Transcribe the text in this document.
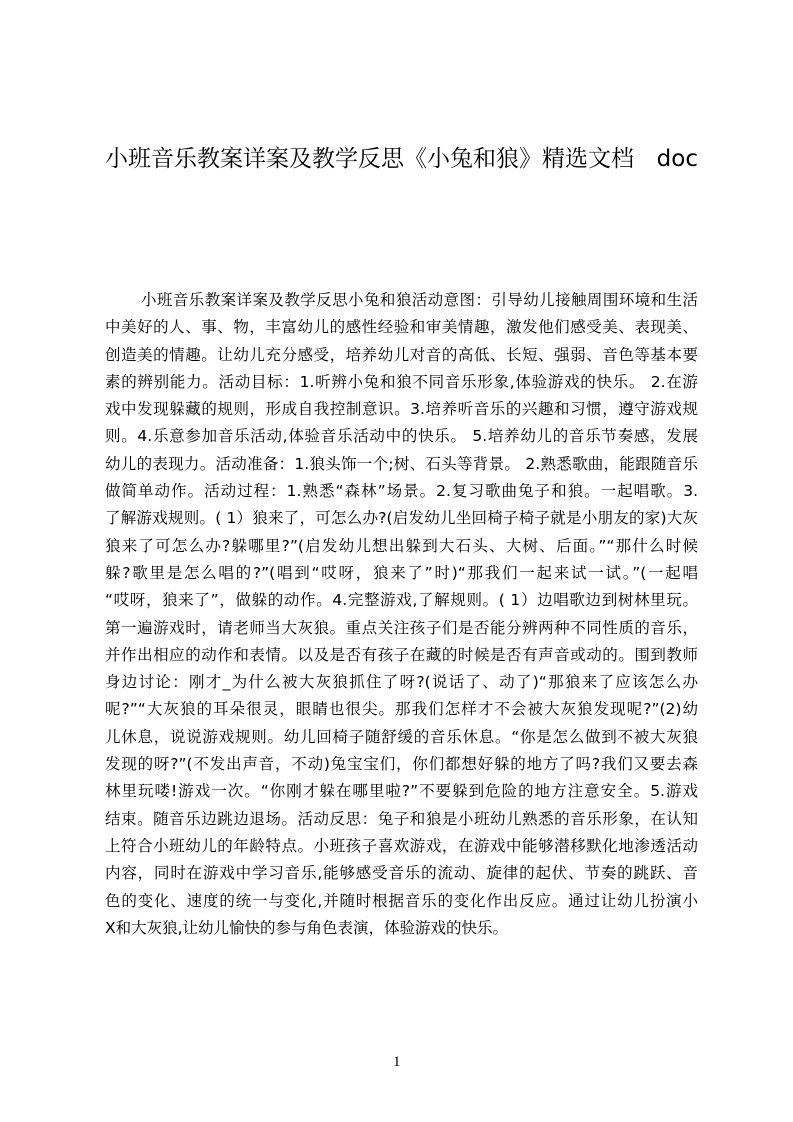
小班音乐教案详案及教学反思《小兔和狼》精选文档 doc
小班音乐教案详案及教学反思小兔和狼活动意图：引导幼儿接触周围环境和生活
中美好的人、事、物，丰富幼儿的感性经验和审美情趣，激发他们感受美、表现美、
创造美的情趣。让幼儿充分感受，培养幼儿对音的高低、长短、强弱、音色等基本要
素的辨别能力。活动目标：1.听辨小兔和狼不同音乐形象,体验游戏的快乐。 2.在游
戏中发现躲藏的规则，形成自我控制意识。3.培养听音乐的兴趣和习惯，遵守游戏规
则。4.乐意参加音乐活动,体验音乐活动中的快乐。 5.培养幼儿的音乐节奏感，发展
幼儿的表现力。活动准备：1.狼头饰一个;树、石头等背景。 2.熟悉歌曲，能跟随音乐
做简单动作。活动过程：1.熟悉“森林”场景。2.复习歌曲兔子和狼。一起唱歌。3.
了解游戏规则。( 1）狼来了，可怎么办?(启发幼儿坐回椅子椅子就是小朋友的家)大灰
狼来了可怎么办?躲哪里?”(启发幼儿想出躲到大石头、大树、后面。”“那什么时候
躲?歌里是怎么唱的?”(唱到“哎呀，狼来了”时)“那我们一起来试一试。”(一起唱
“哎呀，狼来了”，做躲的动作。4.完整游戏,了解规则。( 1）边唱歌边到树林里玩。
第一遍游戏时，请老师当大灰狼。重点关注孩子们是否能分辨两种不同性质的音乐，
并作出相应的动作和表情。以及是否有孩子在藏的时候是否有声音或动的。围到教师
身边讨论：刚才_为什么被大灰狼抓住了呀?(说话了、动了)“那狼来了应该怎么办
呢?”“大灰狼的耳朵很灵，眼睛也很尖。那我们怎样才不会被大灰狼发现呢?”(2)幼
儿休息，说说游戏规则。幼儿回椅子随舒缓的音乐休息。“你是怎么做到不被大灰狼
发现的呀?”(不发出声音，不动)兔宝宝们，你们都想好躲的地方了吗?我们又要去森
林里玩喽!游戏一次。“你刚才躲在哪里啦?”不要躲到危险的地方注意安全。5.游戏
结束。随音乐边跳边退场。活动反思：兔子和狼是小班幼儿熟悉的音乐形象，在认知
上符合小班幼儿的年龄特点。小班孩子喜欢游戏，在游戏中能够潜移默化地渗透活动
内容，同时在游戏中学习音乐,能够感受音乐的流动、旋律的起伏、节奏的跳跃、音
色的变化、速度的统一与变化,并随时根据音乐的变化作出反应。通过让幼儿扮演小
X和大灰狼,让幼儿愉快的参与角色表演，体验游戏的快乐。
1
